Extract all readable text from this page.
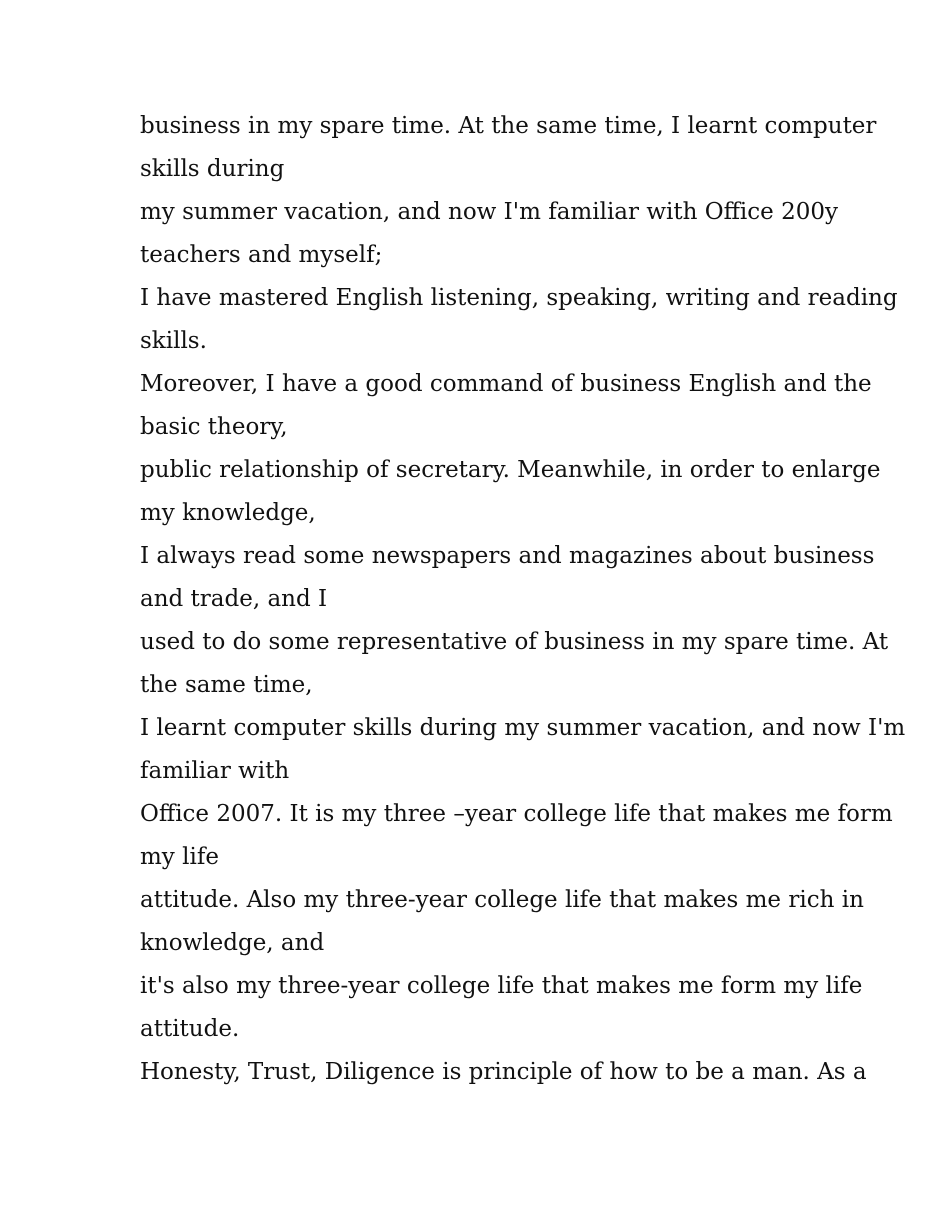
business in my spare time. At the same time, I learnt computer
skills during
my summer vacation, and now I'm familiar with Office 200y
teachers and myself;
I have mastered English listening, speaking, writing and reading
skills.
Moreover, I have a good command of business English and the
basic theory,
public relationship of secretary. Meanwhile, in order to enlarge
my knowledge,
I always read some newspapers and magazines about business
and trade, and I
used to do some representative of business in my spare time. At
the same time,
I learnt computer skills during my summer vacation, and now I'm
familiar with
Office 2007. It is my three –year college life that makes me form
my life
attitude. Also my three-year college life that makes me rich in
knowledge, and
it's also my three-year college life that makes me form my life
attitude.
Honesty, Trust, Diligence is principle of how to be a man. As a
